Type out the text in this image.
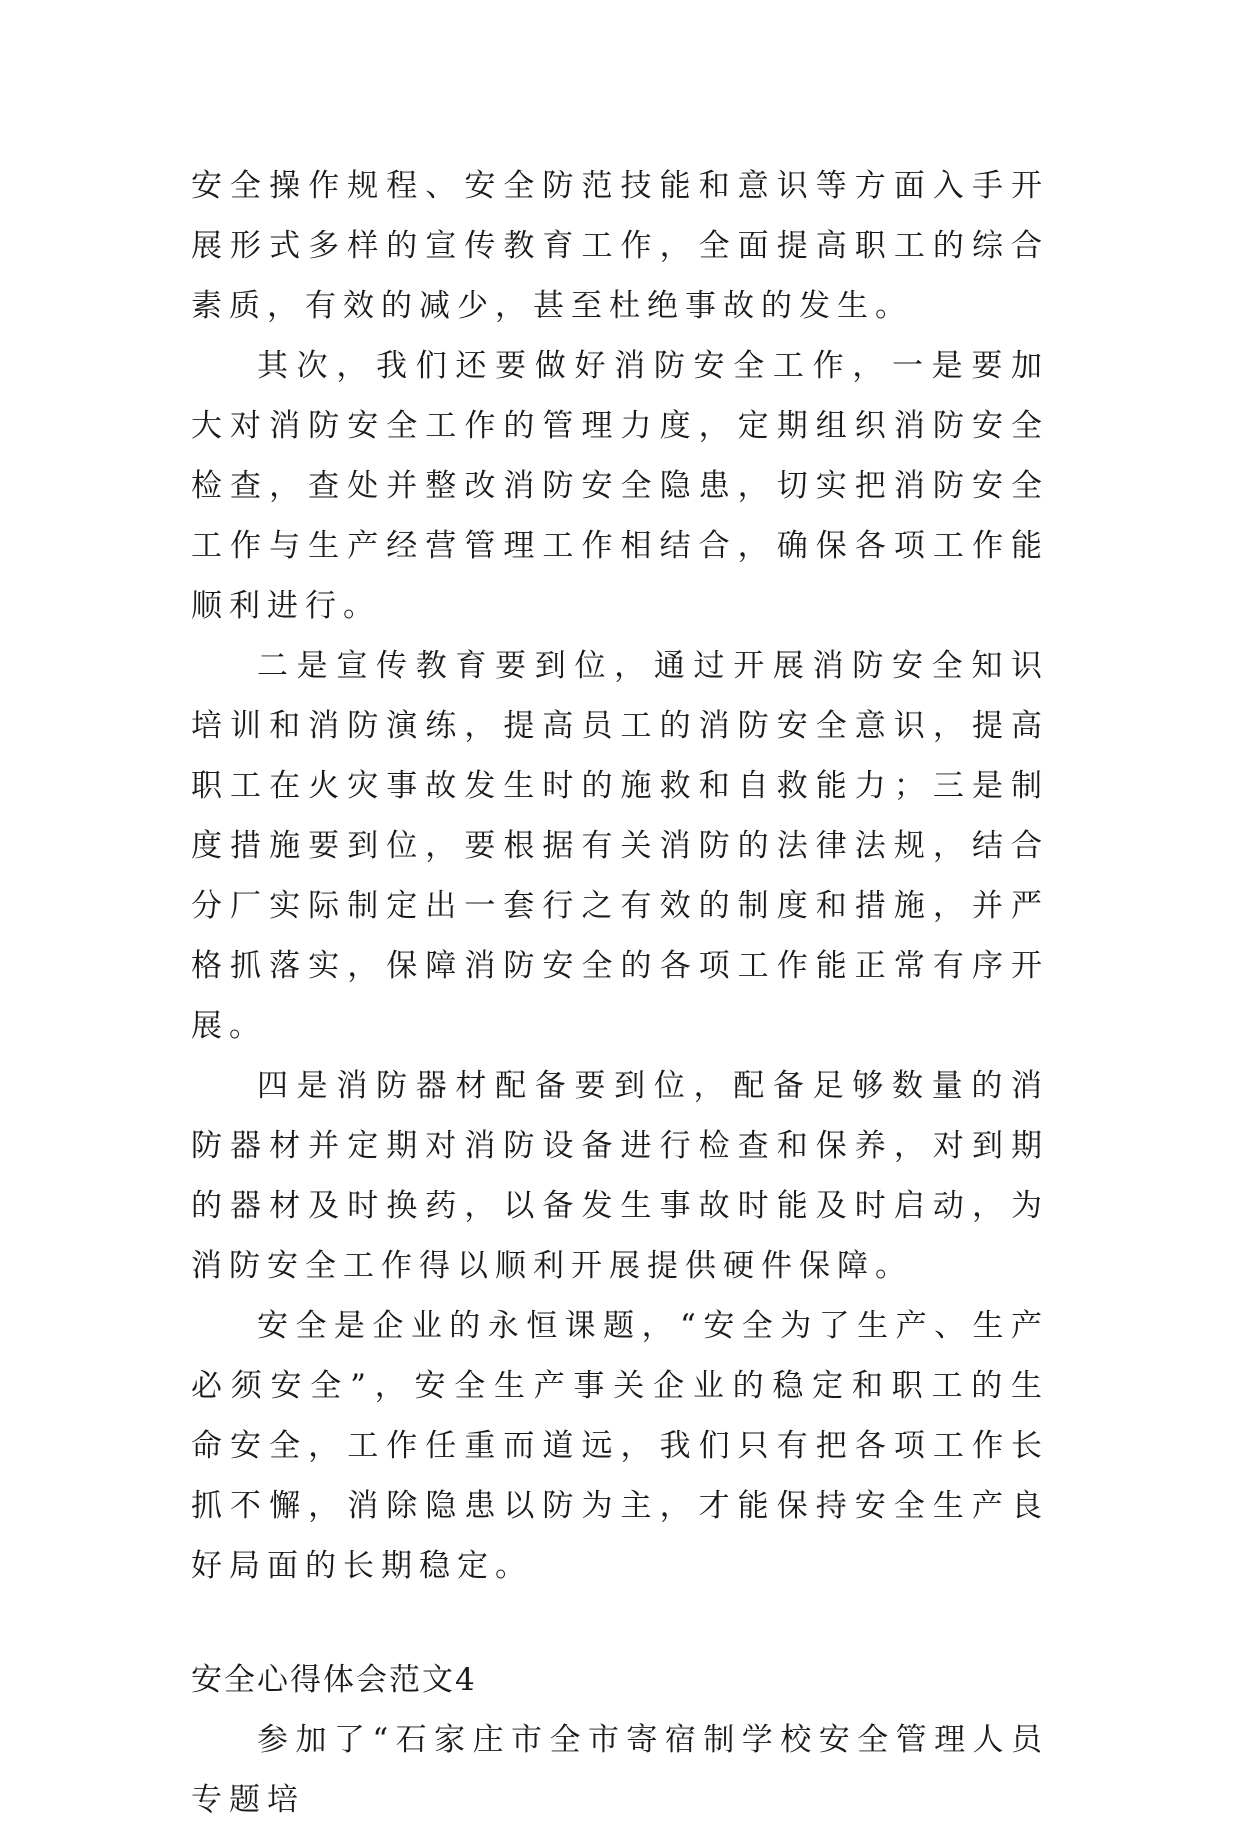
安全操作规程、安全防范技能和意识等方面入手开展形式多样的宣传教育工作，全面提高职工的综合素质，有效的减少，甚至杜绝事故的发生。

其次，我们还要做好消防安全工作，一是要加大对消防安全工作的管理力度，定期组织消防安全检查，查处并整改消防安全隐患，切实把消防安全工作与生产经营管理工作相结合，确保各项工作能顺利进行。

二是宣传教育要到位，通过开展消防安全知识培训和消防演练，提高员工的消防安全意识，提高职工在火灾事故发生时的施救和自救能力；三是制度措施要到位，要根据有关消防的法律法规，结合分厂实际制定出一套行之有效的制度和措施，并严格抓落实，保障消防安全的各项工作能正常有序开展。

四是消防器材配备要到位，配备足够数量的消防器材并定期对消防设备进行检查和保养，对到期的器材及时换药，以备发生事故时能及时启动，为消防安全工作得以顺利开展提供硬件保障。

安全是企业的永恒课题，“安全为了生产、生产必须安全”，安全生产事关企业的稳定和职工的生命安全，工作任重而道远，我们只有把各项工作长抓不懈，消除隐患以防为主，才能保持安全生产良好局面的长期稳定。

安全心得体会范文4

参加了“石家庄市全市寄宿制学校安全管理人员专题培
